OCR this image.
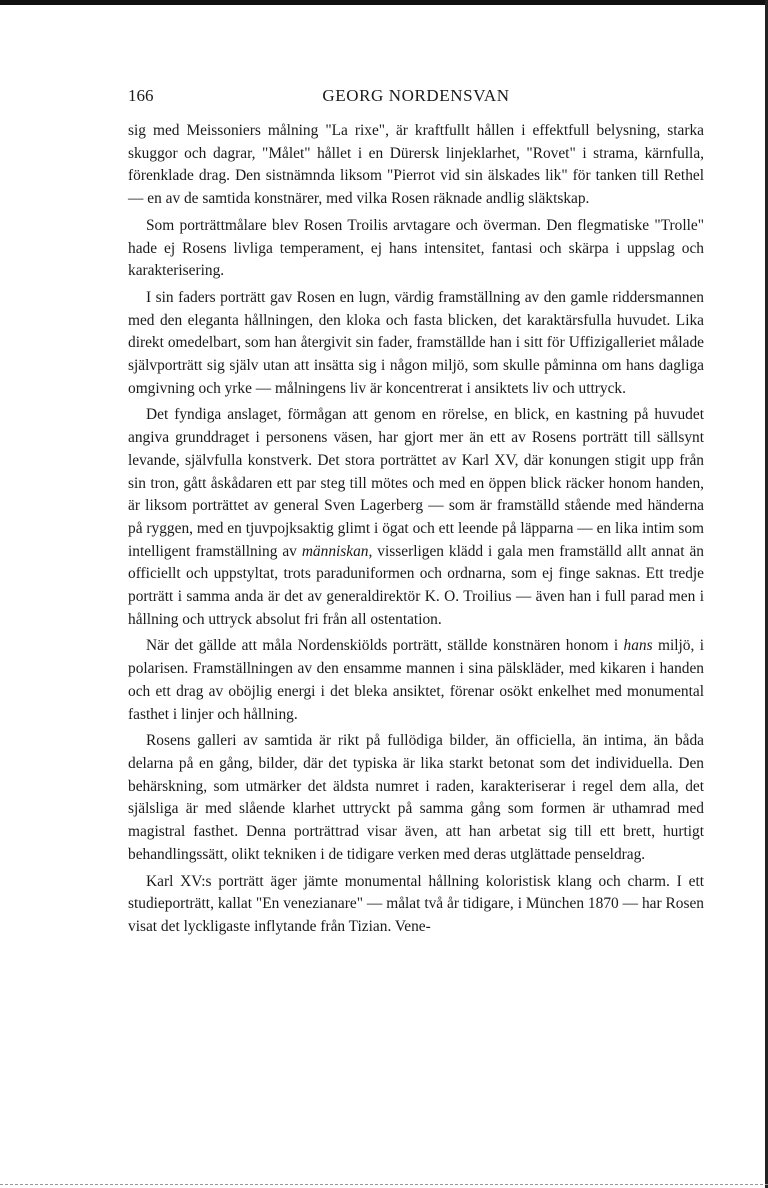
166	GEORG NORDENSVAN

sig med Meissoniers målning "La rixe", är kraftfullt hållen i effektfull belysning, starka skuggor och dagrar, "Målet" hållet i en Dürersk linjeklarhet, "Rovet" i strama, kärnfulla, förenklade drag. Den sistnämnda liksom "Pierrot vid sin älskades lik" för tanken till Rethel — en av de samtida konstnärer, med vilka Rosen räknade andlig släktskap.

Som porträttmålare blev Rosen Troilis arvtagare och överman. Den flegmatiske "Trolle" hade ej Rosens livliga temperament, ej hans intensitet, fantasi och skärpa i uppslag och karakterisering.

I sin faders porträtt gav Rosen en lugn, värdig framställning av den gamle riddersmannen med den eleganta hållningen, den kloka och fasta blicken, det karaktärsfulla huvudet. Lika direkt omedelbart, som han återgivit sin fader, framställde han i sitt för Uffizigalleriet målade självporträtt sig själv utan att insätta sig i någon miljö, som skulle påminna om hans dagliga omgivning och yrke — målningens liv är koncentrerat i ansiktets liv och uttryck.

Det fyndiga anslaget, förmågan att genom en rörelse, en blick, en kastning på huvudet angiva grunddraget i personens väsen, har gjort mer än ett av Rosens porträtt till sällsynt levande, självfulla konstverk. Det stora porträttet av Karl XV, där konungen stigit upp från sin tron, gått åskådaren ett par steg till mötes och med en öppen blick räcker honom handen, är liksom porträttet av general Sven Lagerberg — som är framställd stående med händerna på ryggen, med en tjuvpojksaktig glimt i ögat och ett leende på läpparna — en lika intim som intelligent framställning av människan, visserligen klädd i gala men framställd allt annat än officiellt och uppstyltat, trots paraduniformen och ordnarna, som ej finge saknas. Ett tredje porträtt i samma anda är det av generaldirektör K. O. Troilius — även han i full parad men i hållning och uttryck absolut fri från all ostentation.

När det gällde att måla Nordenskiölds porträtt, ställde konstnären honom i hans miljö, i polarisen. Framställningen av den ensamme mannen i sina pälskläder, med kikaren i handen och ett drag av oböjlig energi i det bleka ansiktet, förenar osökt enkelhet med monumental fasthet i linjer och hållning.

Rosens galleri av samtida är rikt på fullödiga bilder, än officiella, än intima, än båda delarna på en gång, bilder, där det typiska är lika starkt betonat som det individuella. Den behärskning, som utmärker det äldsta numret i raden, karakteriserar i regel dem alla, det själsliga är med slående klarhet uttryckt på samma gång som formen är uthamrad med magistral fasthet. Denna porträttrad visar även, att han arbetat sig till ett brett, hurtigt behandlingssätt, olikt tekniken i de tidigare verken med deras utglättade penseldrag.

Karl XV:s porträtt äger jämte monumental hållning koloristisk klang och charm. I ett studieporträtt, kallat "En venezianare" — målat två år tidigare, i München 1870 — har Rosen visat det lyckligaste inflytande från Tizian. Vene-
